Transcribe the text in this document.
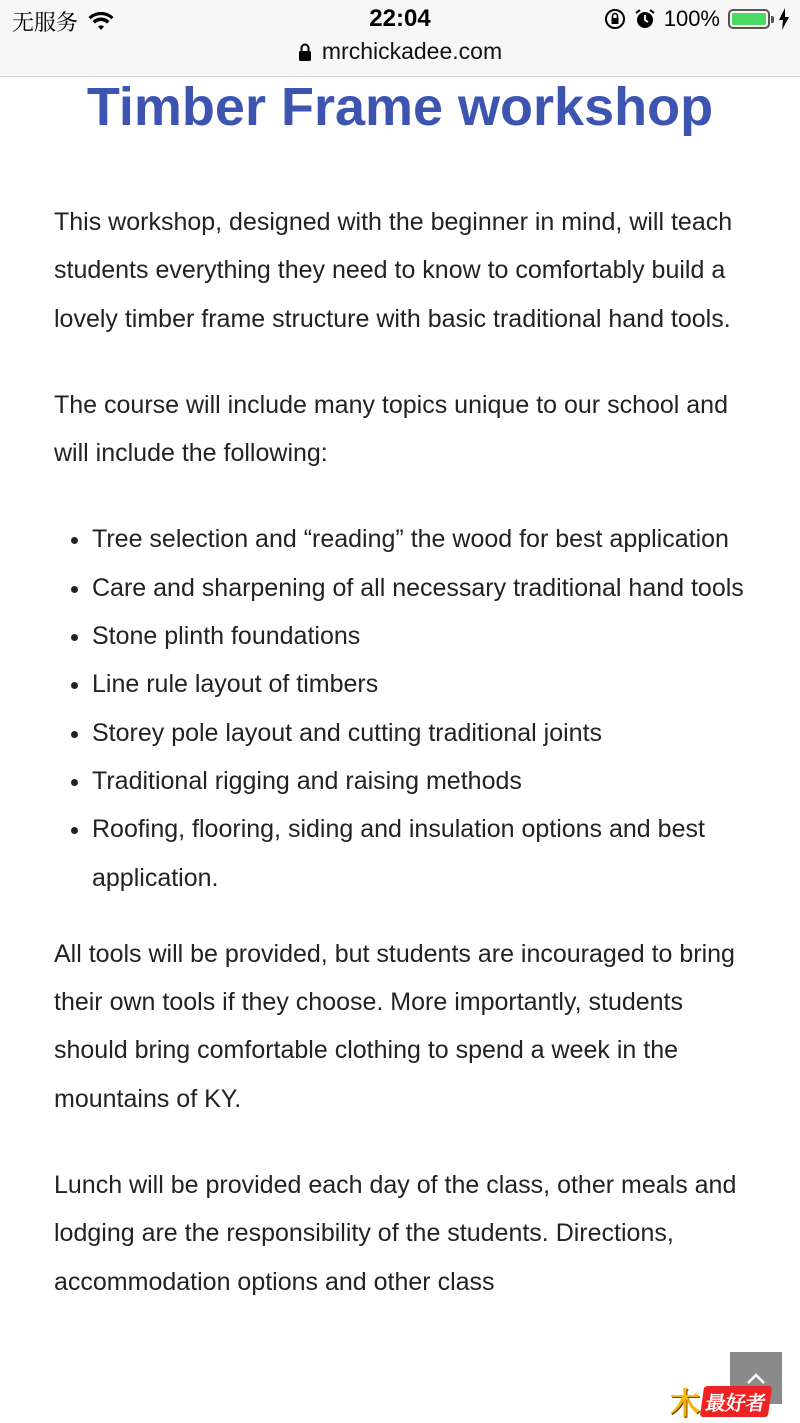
无服务	22:04	100%
mrchickadee.com
Timber Frame workshop

This workshop, designed with the beginner in mind, will teach students everything they need to know to comfortably build a lovely timber frame structure with basic traditional hand tools.

The course will include many topics unique to our school and will include the following:

• Tree selection and “reading” the wood for best application
• Care and sharpening of all necessary traditional hand tools
• Stone plinth foundations
• Line rule layout of timbers
• Storey pole layout and cutting traditional joints
• Traditional rigging and raising methods
• Roofing, flooring, siding and insulation options and best application.

All tools will be provided, but students are incouraged to bring their own tools if they choose. More importantly, students should bring comfortable clothing to spend a week in the mountains of KY.

Lunch will be provided each day of the class, other meals and lodging are the responsibility of the students. Directions, accommodation options and other class

木 最好者
